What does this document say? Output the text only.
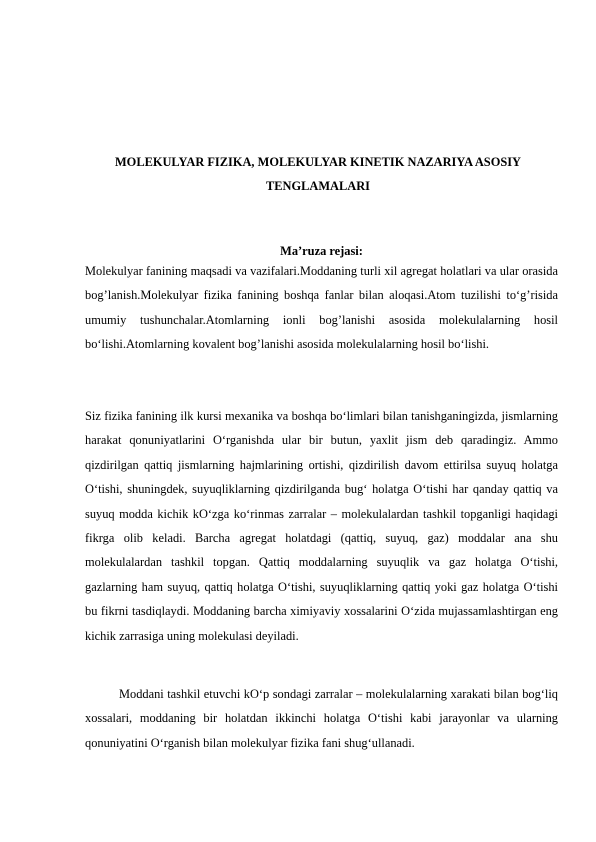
MOLEKULYAR FIZIKA, MOLEKULYAR KINETIK NAZARIYA ASOSIY TENGLAMALARI
Ma’ruza rejasi:

Molekulyar fanining maqsadi va vazifalari.Moddaning turli xil agregat holatlari va ular orasida bog’lanish.Molekulyar fizika fanining boshqa fanlar bilan aloqasi.Atom tuzilishi to‘g’risida umumiy tushunchalar.Atomlarning ionli bog’lanishi asosida molekulalarning hosil bo‘lishi.Atomlarning kovalent bog’lanishi asosida molekulalarning hosil bo‘lishi.

Siz fizika fanining ilk kursi mexanika va boshqa bo‘limlari bilan tanishganingizda, jismlarning harakat qonuniyatlarini O‘rganishda ular bir butun, yaxlit jism deb qaradingiz. Ammo qizdirilgan qattiq jismlarning hajmlarining ortishi, qizdirilish davom ettirilsa suyuq holatga O‘tishi, shuningdek, suyuqliklarning qizdirilganda bug‘ holatga O‘tishi har qanday qattiq va suyuq modda kichik kO‘zga ko‘rinmas zarralar – molekulalardan tashkil topganligi haqidagi fikrga olib keladi. Barcha agregat holatdagi (qattiq, suyuq, gaz) moddalar ana shu molekulalardan tashkil topgan. Qattiq moddalarning suyuqlik va gaz holatga O‘tishi, gazlarning ham suyuq, qattiq holatga O‘tishi, suyuqliklarning qattiq yoki gaz holatga O‘tishi bu fikrni tasdiqlaydi. Moddaning barcha ximiyaviy xossalarini O‘zida mujassamlashtirgan eng kichik zarrasiga uning molekulasi deyiladi.

Moddani tashkil etuvchi kO‘p sondagi zarralar – molekulalarning xarakati bilan bog‘liq xossalari, moddaning bir holatdan ikkinchi holatga O‘tishi kabi jarayonlar va ularning qonuniyatini O‘rganish bilan molekulyar fizika fani shug‘ullanadi.
